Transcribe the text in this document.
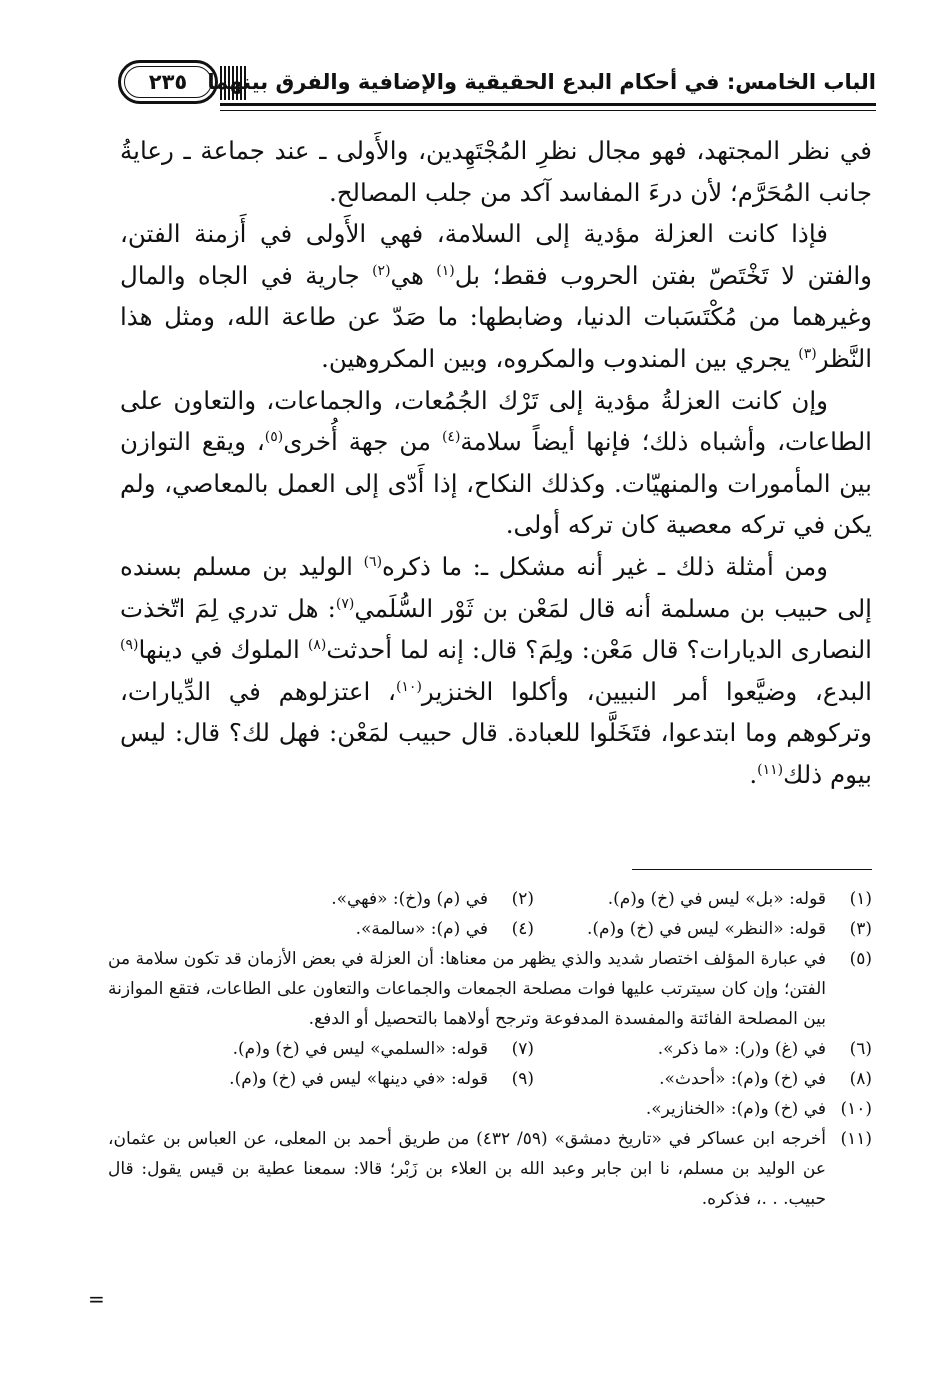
٢٣٥ الباب الخامس: في أحكام البدع الحقيقية والإضافية والفرق بينهما

في نظر المجتهد، فهو مجال نظرِ المُجْتَهِدين، والأَولى ـ عند جماعة ـ رعايةُ جانب المُحَرَّم؛ لأن درءَ المفاسد آكد من جلب المصالح.

فإذا كانت العزلة مؤدية إلى السلامة، فهي الأَولى في أَزمنة الفتن، والفتن لا تَخْتَصّ بفتن الحروب فقط؛ بل$^{(١)}$ هي$^{(٢)}$ جارية في الجاه والمال وغيرهما من مُكْتَسَبات الدنيا، وضابطها: ما صَدّ عن طاعة الله، ومثل هذا النَّظر$^{(٣)}$ يجري بين المندوب والمكروه، وبين المكروهين.

وإن كانت العزلةُ مؤدية إلى تَرْك الجُمُعات، والجماعات، والتعاون على الطاعات، وأشباه ذلك؛ فإنها أيضاً سلامة$^{(٤)}$ من جهة أُخرى$^{(٥)}$، ويقع التوازن بين المأمورات والمنهيّات. وكذلك النكاح، إذا أَدّى إلى العمل بالمعاصي، ولم يكن في تركه معصية كان تركه أولى.

ومن أمثلة ذلك ـ غير أنه مشكل ـ: ما ذكره$^{(٦)}$ الوليد بن مسلم بسنده إلى حبيب بن مسلمة أنه قال لمَعْن بن ثَوْر السُّلَمي$^{(٧)}$: هل تدري لِمَ اتّخذت النصارى الديارات؟ قال مَعْن: ولِمَ؟ قال: إنه لما أحدثت$^{(٨)}$ الملوك في دينها$^{(٩)}$ البدع، وضيَّعوا أمر النبيين، وأكلوا الخنزير$^{(١٠)}$، اعتزلوهم في الدِّيارات، وتركوهم وما ابتدعوا، فتَخَلَّوا للعبادة. قال حبيب لمَعْن: فهل لك؟ قال: ليس بيوم ذلك$^{(١١)}$.

(١)
قوله: «بل» ليس في (خ) و(م).
(٢)
في (م) و(خ): «فهي».
(٣)
قوله: «النظر» ليس في (خ) و(م).
(٤)
في (م): «سالمة».
(٥)
في عبارة المؤلف اختصار شديد والذي يظهر من معناها: أن العزلة في بعض الأزمان قد تكون سلامة من الفتن؛ وإن كان سيترتب عليها فوات مصلحة الجمعات والجماعات والتعاون على الطاعات، فتقع الموازنة بين المصلحة الفائتة والمفسدة المدفوعة وترجح أولاهما بالتحصيل أو الدفع.
(٦)
في (غ) و(ر): «ما ذكر».
(٧)
قوله: «السلمي» ليس في (خ) و(م).
(٨)
في (خ) و(م): «أحدث».
(٩)
قوله: «في دينها» ليس في (خ) و(م).
(١٠)
في (خ) و(م): «الخنازير».
(١١)
أخرجه ابن عساكر في «تاريخ دمشق» (٥٩/ ٤٣٢) من طريق أحمد بن المعلى، عن العباس بن عثمان، عن الوليد بن مسلم، نا ابن جابر وعبد الله بن العلاء بن زَبْر؛ قالا: سمعنا عطية بن قيس يقول: قال حبيب. . .، فذكره.
=
